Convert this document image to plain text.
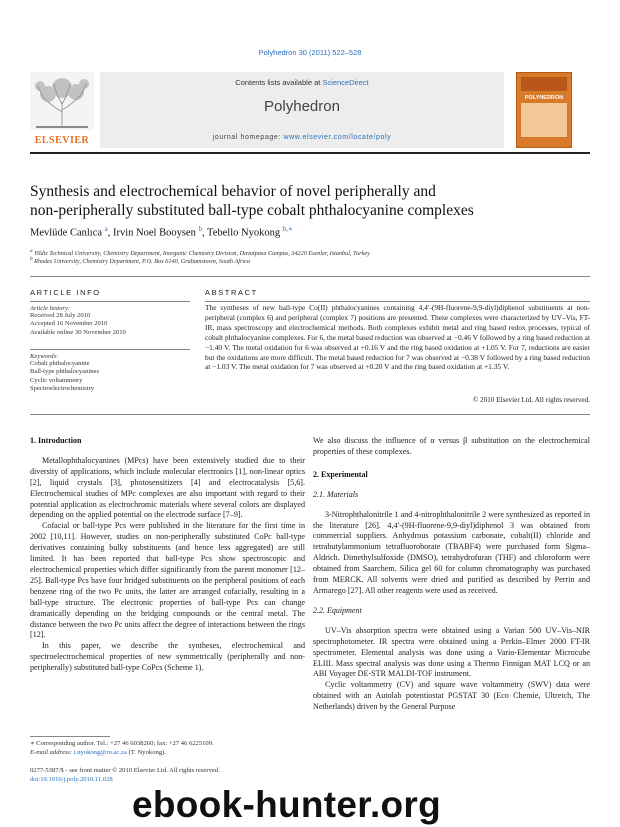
Polyhedron 30 (2011) 522–528
ELSEVIER
Contents lists available at ScienceDirect
Polyhedron
journal homepage: www.elsevier.com/locate/poly
POLYHEDRON
Synthesis and electrochemical behavior of novel peripherally and
non-peripherally substituted ball-type cobalt phthalocyanine complexes
Mevlüde Canlıca $^a$, Irvin Noel Booysen $^b$, Tebello Nyokong $^{b,∗}$
$^a$ Yildiz Technical University, Chemistry Department, Inorganic Chemistry Division, Davutpasa Campus, 34220 Esenler, Istanbul, Turkey
$^b$ Rhodes University, Chemistry Department, P.O. Box 6140, Grahamstown, South Africa
ARTICLE INFO
Article history:
Received 28 July 2010
Accepted 16 November 2010
Available online 30 November 2010
Keywords:
Cobalt phthalocyanine
Ball-type phthalocyanines
Cyclic voltammetry
Spectroelectrochemistry
ABSTRACT
The syntheses of new ball-type Co(II) phthalocyanines containing 4,4′-(9H-fluorene-9,9-diyl)diphenol substituents at non-peripheral (complex 6) and peripheral (complex 7) positions are presented. These complexes were characterized by UV–Vis, FT-IR, mass spectroscopy and electrochemical methods. Both complexes exhibit metal and ring based redox processes, typical of cobalt phthalocyanine complexes. For 6, the metal based reduction was observed at −0.46 V followed by a ring based reduction at −1.40 V. The metal oxidation for 6 was observed at +0.16 V and the ring based oxidation at +1.05 V. For 7, reductions are easier but the oxidations are more difficult. The metal based reduction for 7 was observed at −0.38 V followed by a ring based reduction at −1.03 V. The metal oxidation for 7 was observed at +0.20 V and the ring based oxidation at +1.35 V.
© 2010 Elsevier Ltd. All rights reserved.
1. Introduction

Metallophthalocyanines (MPcs) have been extensively studied due to their diversity of applications, which include molecular electronics [1], non-linear optics [2], liquid crystals [3], photosensitizers [4] and electrocatalysis [5,6]. Electrochemical studies of MPc complexes are also important with regard to their potential application as electrochromic materials where several colors are displayed depending on the applied potential on the electrode surface [7–9].

Cofacial or ball-type Pcs were published in the literature for the first time in 2002 [10,11]. However, studies on non-peripherally substituted CoPc ball-type derivatives containing bulky substituents (and hence less aggregated) are still limited. It has been reported that ball-type Pcs show spectroscopic and electrochemical properties which differ significantly from the parent monomer [12–25]. Ball-type Pcs have four bridged substituents on the peripheral positions of each benzene ring of the two Pc units, the latter are arranged cofacially, resulting in a ball-type structure. The electronic properties of ball-type Pcs can change dramatically depending on the bridging compounds or the central metal. The distance between the two Pc units affect the degree of interactions between the rings [12].

In this paper, we describe the syntheses, electrochemical and spectroelectrochemical properties of new symmetrically (peripherally and non-peripherally) substituted ball-type CoPcs (Scheme 1).

∗ Corresponding author. Tel.: +27 46 6038260; fax: +27 46 6225109.
E-mail address: t.nyokong@ru.ac.za (T. Nyokong).
0277-5387/$ - see front matter © 2010 Elsevier Ltd. All rights reserved.
doi:10.1016/j.poly.2010.11.028
We also discuss the influence of α versus β substitution on the electrochemical properties of these complexes.
2. Experimental
2.1. Materials

3-Nitrophthalonitrile 1 and 4-nitrophthalonitrile 2 were synthesized as reported in the literature [26]. 4,4′-(9H-fluorene-9,9-diyl)diphenol 3 was obtained from commercial suppliers. Anhydrous potassium carbonate, cobalt(II) chloride and tetrabutylammonium tetrafluoroborate (TBABF4) were purchased form Sigma–Aldrich. Dimethylsulfoxide (DMSO), tetrahydrofuran (THF) and chloroform were obtained from Saarchem. Silica gel 60 for column chromatography was purchased from MERCK. All solvents were dried and purified as described by Perrin and Armarego [27]. All other reagents were used as received.

2.2. Equipment

UV–Vis absorption spectra were obtained using a Varian 500 UV–Vis–NIR spectrophotometer. IR spectra were obtained using a Perkin–Elmer 2000 FT-IR spectrometer. Elemental analysis was done using a Vario-Elementar Microcube ELIII. Mass spectral analysis was done using a Thermo Finnigan MAT LCQ or an ABI Voyager DE-STR MALDI-TOF instrument.

Cyclic voltammetry (CV) and square wave voltammetry (SWV) data were obtained with an Autolab potentiostat PGSTAT 30 (Eco Chemie, Ultretch, The Netherlands) driven by the General Purpose

ebook-hunter.org
